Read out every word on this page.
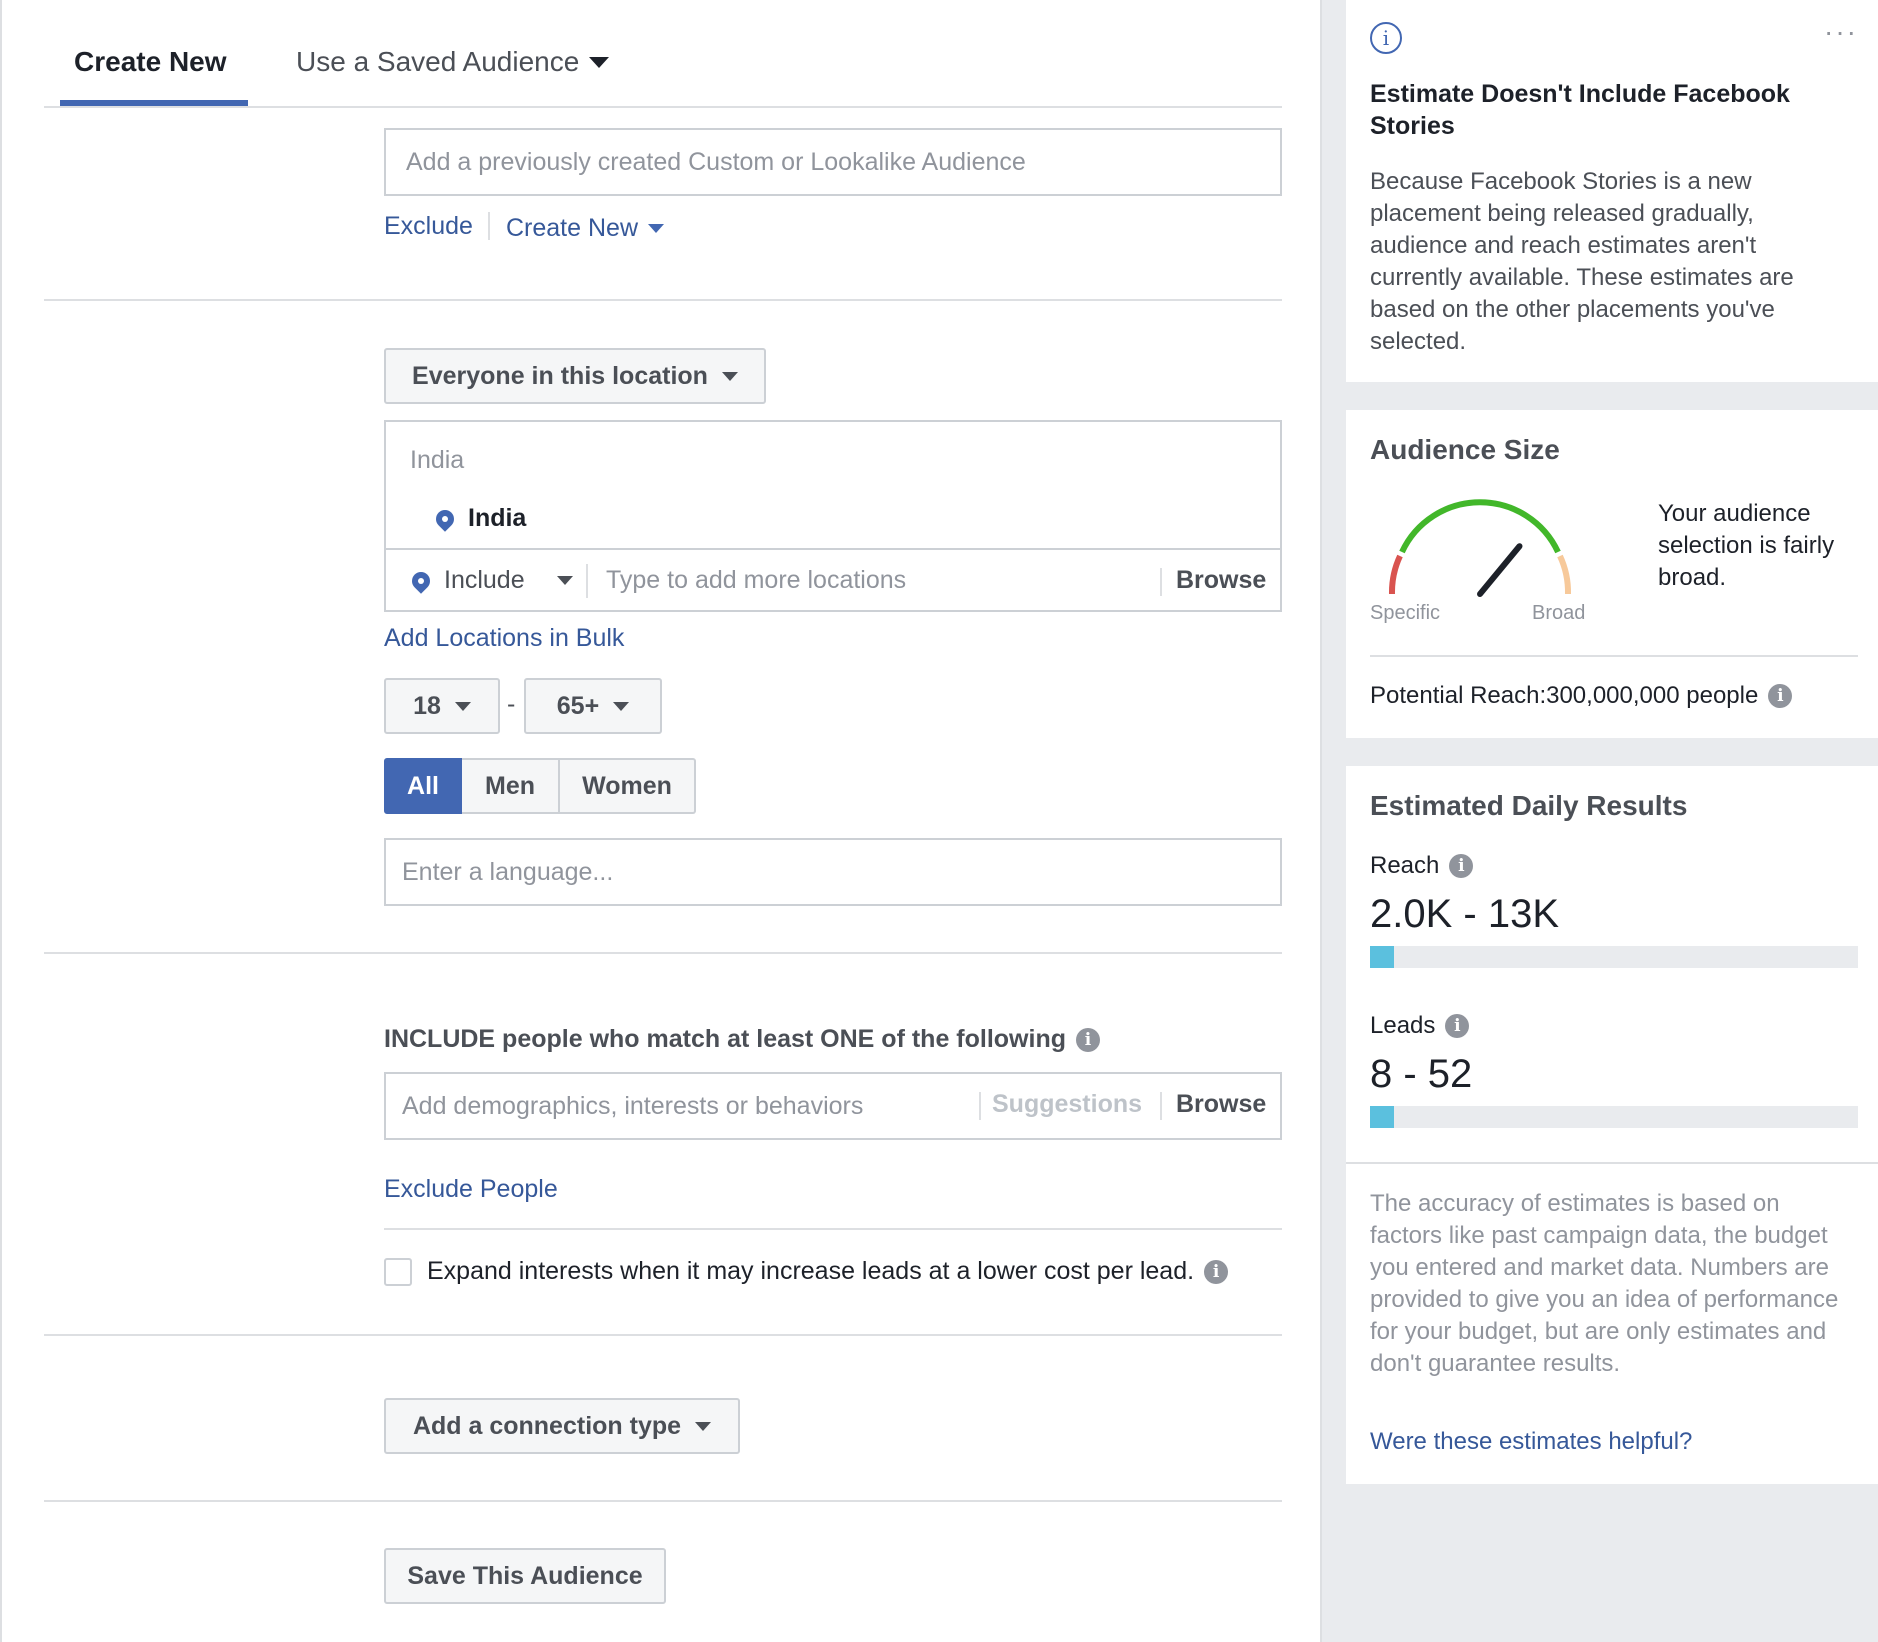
Create New Use a Saved Audience
Add a previously created Custom or Lookalike Audience
Exclude Create New
Everyone in this location
India
India
Include	Type to add more locations	Browse
Add Locations in Bulk
18	- 65+
All	Men	Women
Enter a language...
INCLUDE people who match at least ONE of the following	i
Add demographics, interests or behaviors	Suggestions Browse
Exclude People
Expand interests when it may increase leads at a lower cost per lead.	i
Add a connection type
Save This Audience
i	···
Estimate Doesn't Include Facebook Stories
Because Facebook Stories is a new placement being released gradually, audience and reach estimates aren't currently available. These estimates are based on the other placements you've selected.
Audience Size
Specific	Broad
Your audience selection is fairly broad.
Potential Reach:300,000,000 people	i
Estimated Daily Results
Reach	i
2.0K - 13K
Leads	i
8 - 52
The accuracy of estimates is based on factors like past campaign data, the budget you entered and market data. Numbers are provided to give you an idea of performance for your budget, but are only estimates and don't guarantee results.
Were these estimates helpful?
